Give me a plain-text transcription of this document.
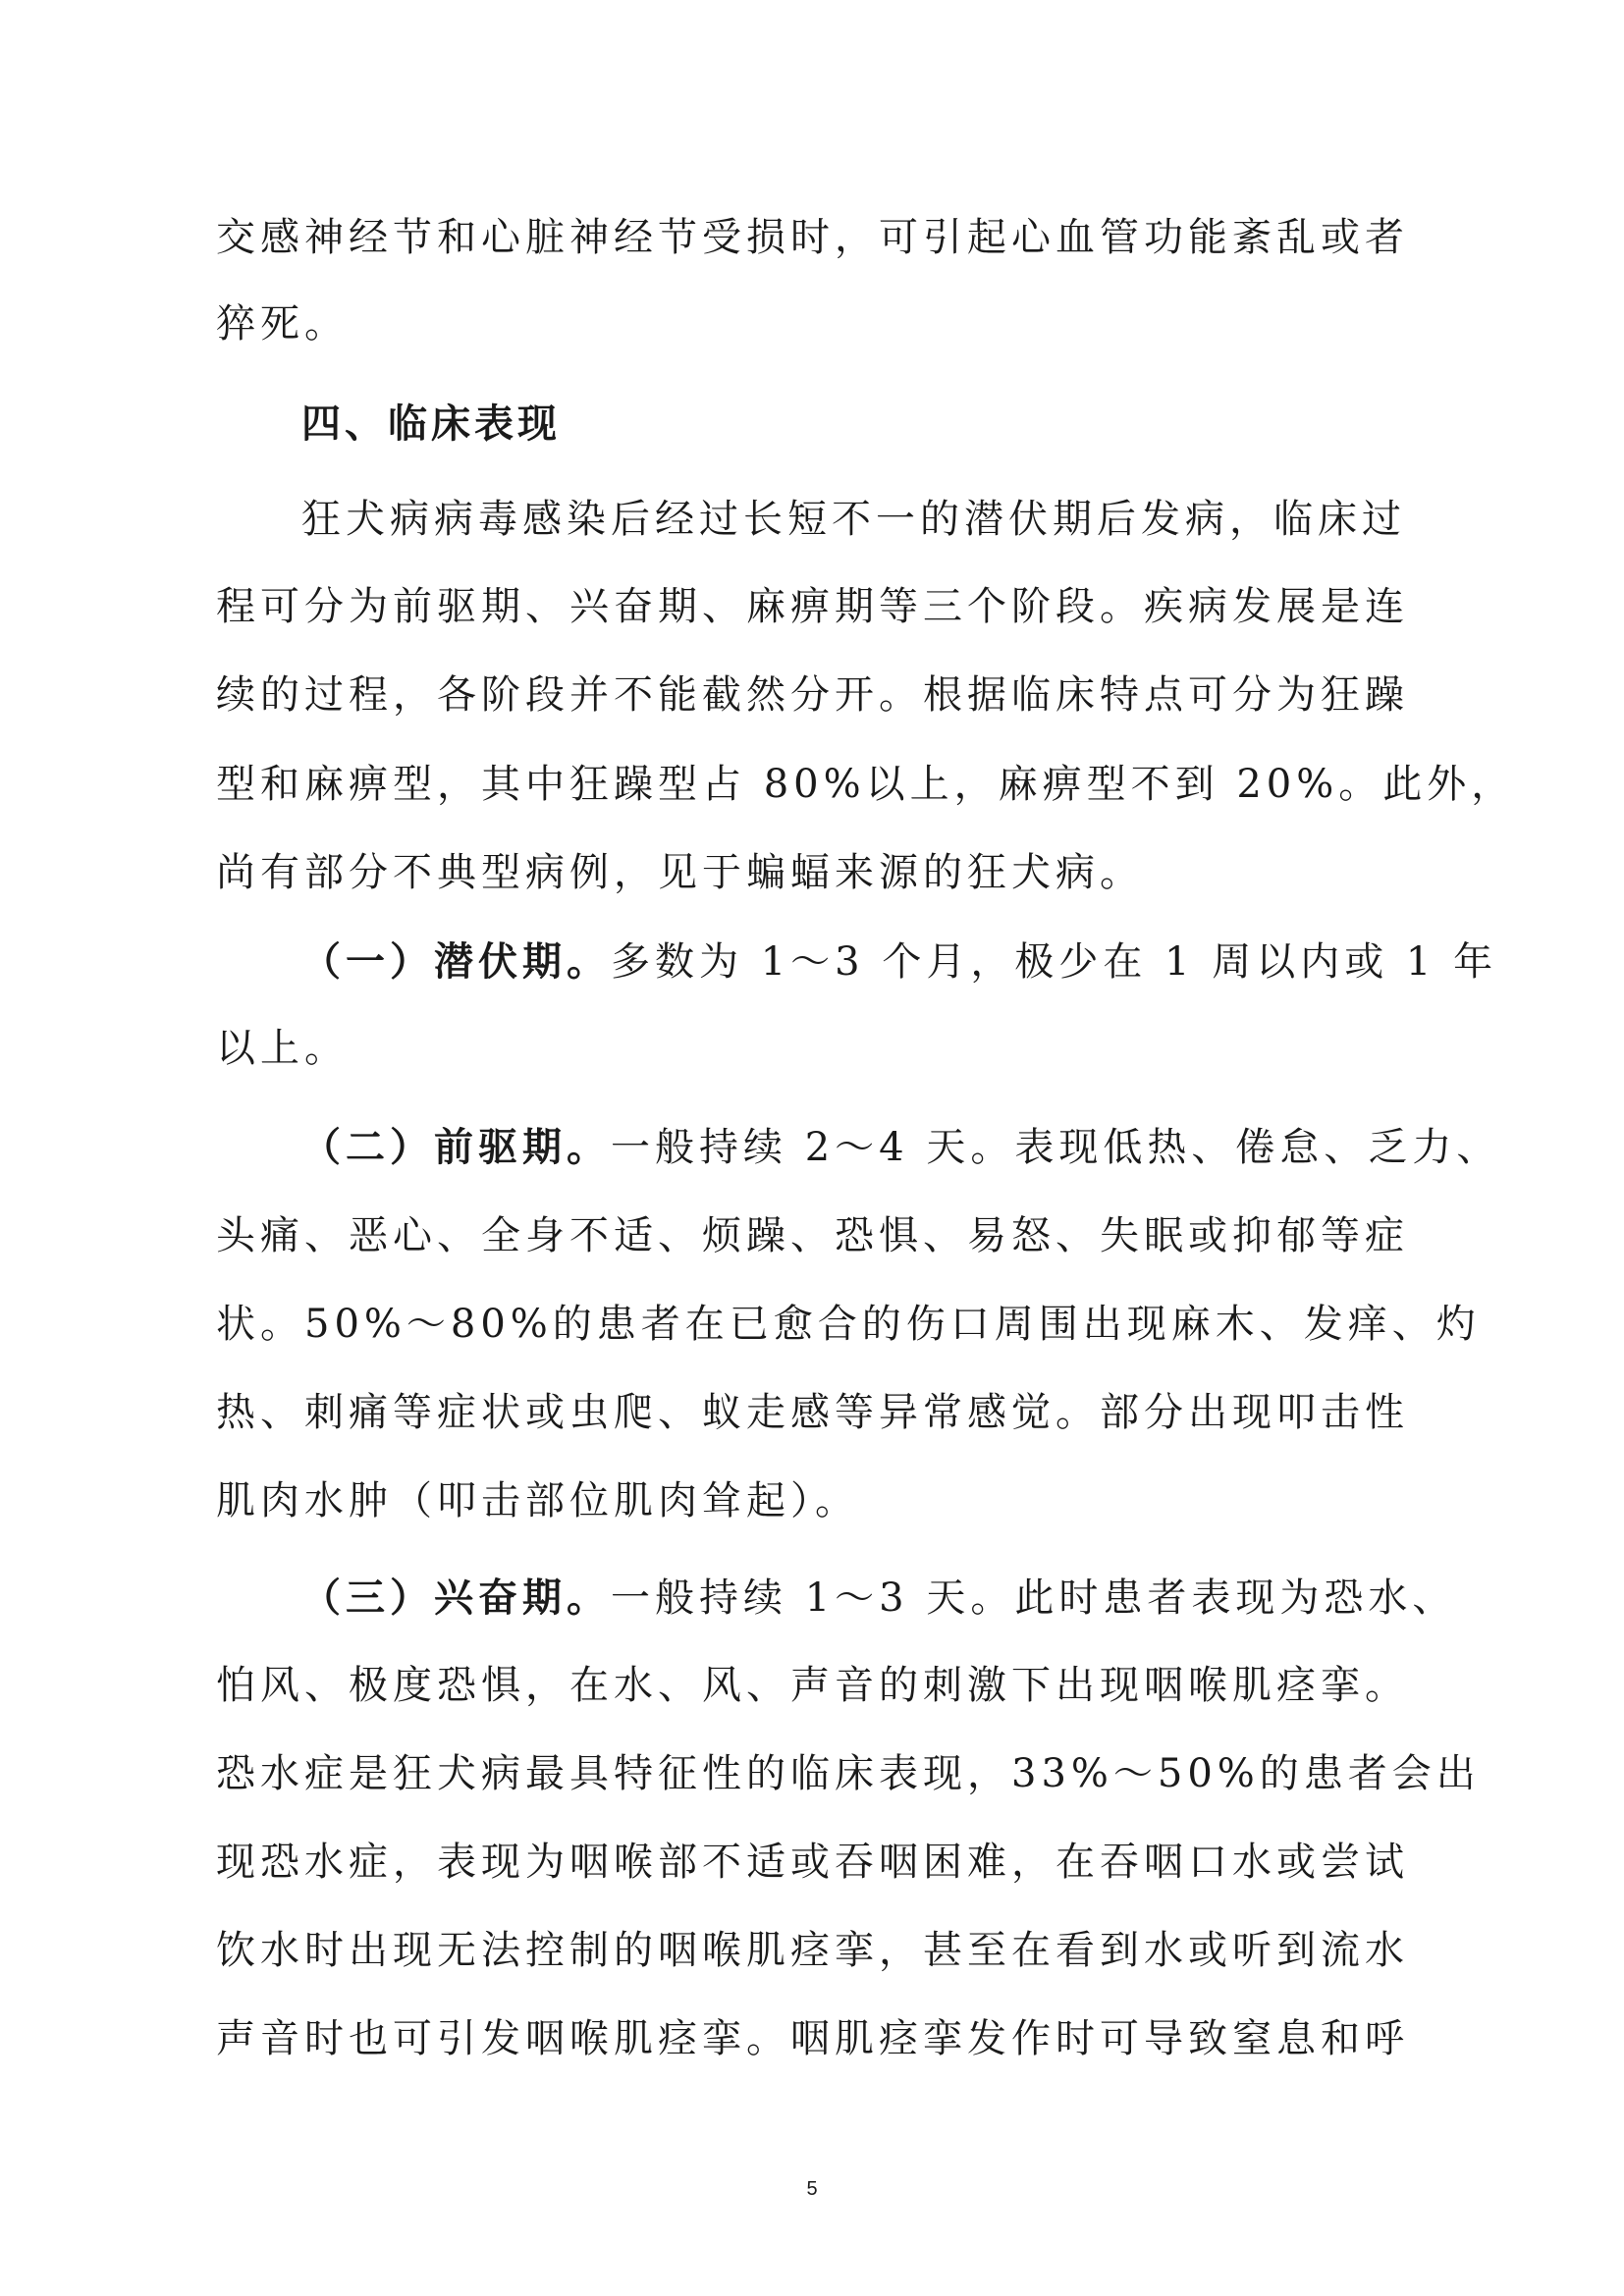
交感神经节和心脏神经节受损时，可引起心血管功能紊乱或者
猝死。
四、临床表现
狂犬病病毒感染后经过长短不一的潜伏期后发病，临床过
程可分为前驱期、兴奋期、麻痹期等三个阶段。疾病发展是连
续的过程，各阶段并不能截然分开。根据临床特点可分为狂躁
型和麻痹型，其中狂躁型占 80%以上，麻痹型不到 20%。此外，
尚有部分不典型病例，见于蝙蝠来源的狂犬病。
（一）潜伏期。多数为 1～3 个月，极少在 1 周以内或 1 年
以上。
（二）前驱期。一般持续 2～4 天。表现低热、倦怠、乏力、
头痛、恶心、全身不适、烦躁、恐惧、易怒、失眠或抑郁等症
状。50%～80%的患者在已愈合的伤口周围出现麻木、发痒、灼
热、刺痛等症状或虫爬、蚁走感等异常感觉。部分出现叩击性
肌肉水肿（叩击部位肌肉耸起）。
（三）兴奋期。一般持续 1～3 天。此时患者表现为恐水、
怕风、极度恐惧，在水、风、声音的刺激下出现咽喉肌痉挛。
恐水症是狂犬病最具特征性的临床表现，33%～50%的患者会出
现恐水症，表现为咽喉部不适或吞咽困难，在吞咽口水或尝试
饮水时出现无法控制的咽喉肌痉挛，甚至在看到水或听到流水
声音时也可引发咽喉肌痉挛。咽肌痉挛发作时可导致窒息和呼
5
